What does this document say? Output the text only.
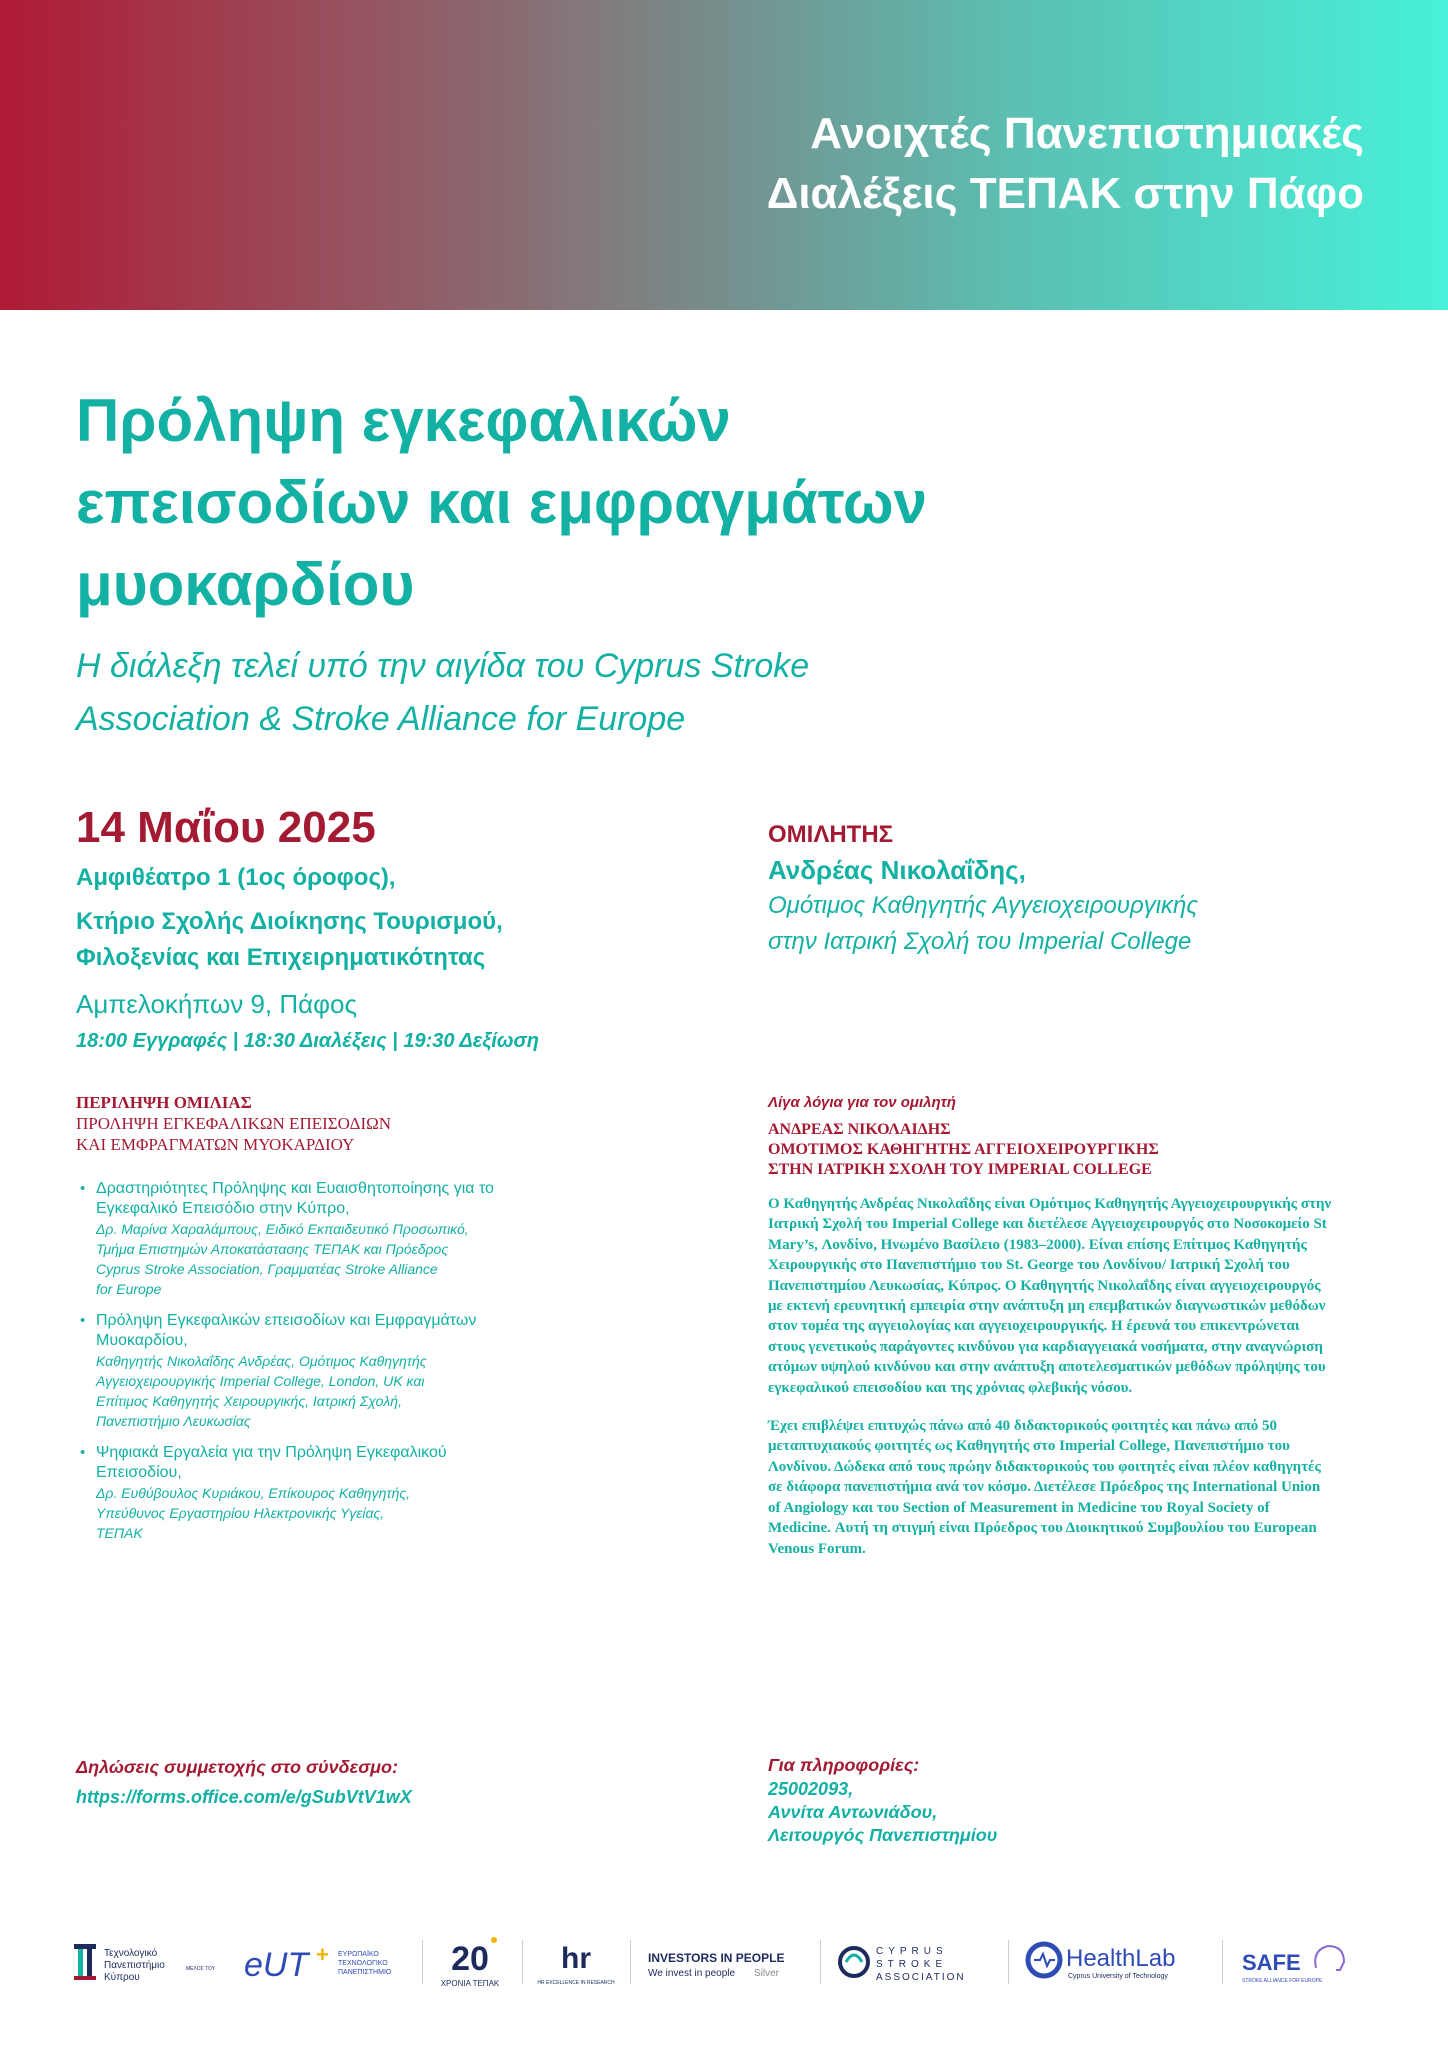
Ανοιχτές Πανεπιστημιακές
Διαλέξεις ΤΕΠΑΚ στην Πάφο
Πρόληψη εγκεφαλικών
επεισοδίων και εμφραγμάτων
μυοκαρδίου
Η διάλεξη τελεί υπό την αιγίδα του Cyprus Stroke
Association & Stroke Alliance for Europe
14 Μαΐου 2025
Αμφιθέατρο 1 (1ος όροφος),
Κτήριο Σχολής Διοίκησης Τουρισμού,
Φιλοξενίας και Επιχειρηματικότητας
Αμπελοκήπων 9, Πάφος
18:00 Εγγραφές | 18:30 Διαλέξεις | 19:30 Δεξίωση
ΟΜΙΛΗΤΗΣ
Ανδρέας Νικολαΐδης,
Ομότιμος Καθηγητής Αγγειοχειρουργικής
στην Ιατρική Σχολή του Imperial College
ΠΕΡΙΛΗΨΗ ΟΜΙΛΙΑΣ
ΠΡΟΛΗΨΗ ΕΓΚΕΦΑΛΙΚΩΝ ΕΠΕΙΣΟΔΙΩΝ
ΚΑΙ ΕΜΦΡΑΓΜΑΤΩΝ ΜΥΟΚΑΡΔΙΟΥ
• Δραστηριότητες Πρόληψης και Ευαισθητοποίησης για το
Εγκεφαλικό Επεισόδιο στην Κύπρο,
Δρ. Μαρίνα Χαραλάμπους, Ειδικό Εκπαιδευτικό Προσωπικό,
Τμήμα Επιστημών Αποκατάστασης ΤΕΠΑΚ και Πρόεδρος
Cyprus Stroke Association, Γραμματέας Stroke Alliance
for Europe
• Πρόληψη Εγκεφαλικών επεισοδίων και Εμφραγμάτων
Μυοκαρδίου,
Καθηγητής Νικολαΐδης Ανδρέας, Ομότιμος Καθηγητής
Αγγειοχειρουργικής Imperial College, London, UK και
Επίτιμος Καθηγητής Χειρουργικής, Ιατρική Σχολή,
Πανεπιστήμιο Λευκωσίας
• Ψηφιακά Εργαλεία για την Πρόληψη Εγκεφαλικού
Επεισοδίου,
Δρ. Ευθύβουλος Κυριάκου, Επίκουρος Καθηγητής,
Υπεύθυνος Εργαστηρίου Ηλεκτρονικής Υγείας,
ΤΕΠΑΚ
Λίγα λόγια για τον ομιλητή
ΑΝΔΡΕΑΣ ΝΙΚΟΛΑΙΔΗΣ
ΟΜΟΤΙΜΟΣ ΚΑΘΗΓΗΤΗΣ ΑΓΓΕΙΟΧΕΙΡΟΥΡΓΙΚΗΣ
ΣΤΗΝ ΙΑΤΡΙΚΗ ΣΧΟΛΗ ΤΟΥ IMPERIAL COLLEGE

Ο Καθηγητής Ανδρέας Νικολαΐδης είναι Ομότιμος Καθηγητής Αγγειοχειρουργικής στην Ιατρική Σχολή του Imperial College και διετέλεσε Αγγειοχειρουργός στο Νοσοκομείο St Mary’s, Λονδίνο, Ηνωμένο Βασίλειο (1983–2000). Είναι επίσης Επίτιμος Καθηγητής Χειρουργικής στο Πανεπιστήμιο του St. George του Λονδίνου/ Ιατρική Σχολή του Πανεπιστημίου Λευκωσίας, Κύπρος. Ο Καθηγητής Νικολαΐδης είναι αγγειοχειρουργός με εκτενή ερευνητική εμπειρία στην ανάπτυξη μη επεμβατικών διαγνωστικών μεθόδων στον τομέα της αγγειολογίας και αγγειοχειρουργικής. Η έρευνά του επικεντρώνεται στους γενετικούς παράγοντες κινδύνου για καρδιαγγειακά νοσήματα, στην αναγνώριση ατόμων υψηλού κινδύνου και στην ανάπτυξη αποτελεσματικών μεθόδων πρόληψης του εγκεφαλικού επεισοδίου και της χρόνιας φλεβικής νόσου.

Έχει επιβλέψει επιτυχώς πάνω από 40 διδακτορικούς φοιτητές και πάνω από 50 μεταπτυχιακούς φοιτητές ως Καθηγητής στο Imperial College, Πανεπιστήμιο του Λονδίνου. Δώδεκα από τους πρώην διδακτορικούς του φοιτητές είναι πλέον καθηγητές σε διάφορα πανεπιστήμια ανά τον κόσμο. Διετέλεσε Πρόεδρος της International Union of Angiology και του Section of Measurement in Medicine του Royal Society of Medicine. Αυτή τη στιγμή είναι Πρόεδρος του Διοικητικού Συμβουλίου του European Venous Forum.

Δηλώσεις συμμετοχής στο σύνδεσμο:
https://forms.office.com/e/gSubVtV1wX
Για πληροφορίες:
25002093,
Αννίτα Αντωνιάδου,
Λειτουργός Πανεπιστημίου
Τεχνολογικό
Πανεπιστήμιο
Κύπρου
ΜΕΛΟΣ ΤΟΥ eUT + ΕΥΡΩΠΑΪΚΟ
ΤΕΧΝΟΛΟΓΙΚΟ
ΠΑΝΕΠΙΣΤΗΜΙΟ 20
ΧΡΟΝΙΑ ΤΕΠΑΚ
hr
HR EXCELLENCE IN RESEARCH
INVESTORS IN PEOPLE
We invest in people Silver
CYPRUS
STROKE
ASSOCIATION
HealthLab
Cyprus University of Technology
SAFE
STROKE ALLIANCE FOR EUROPE
